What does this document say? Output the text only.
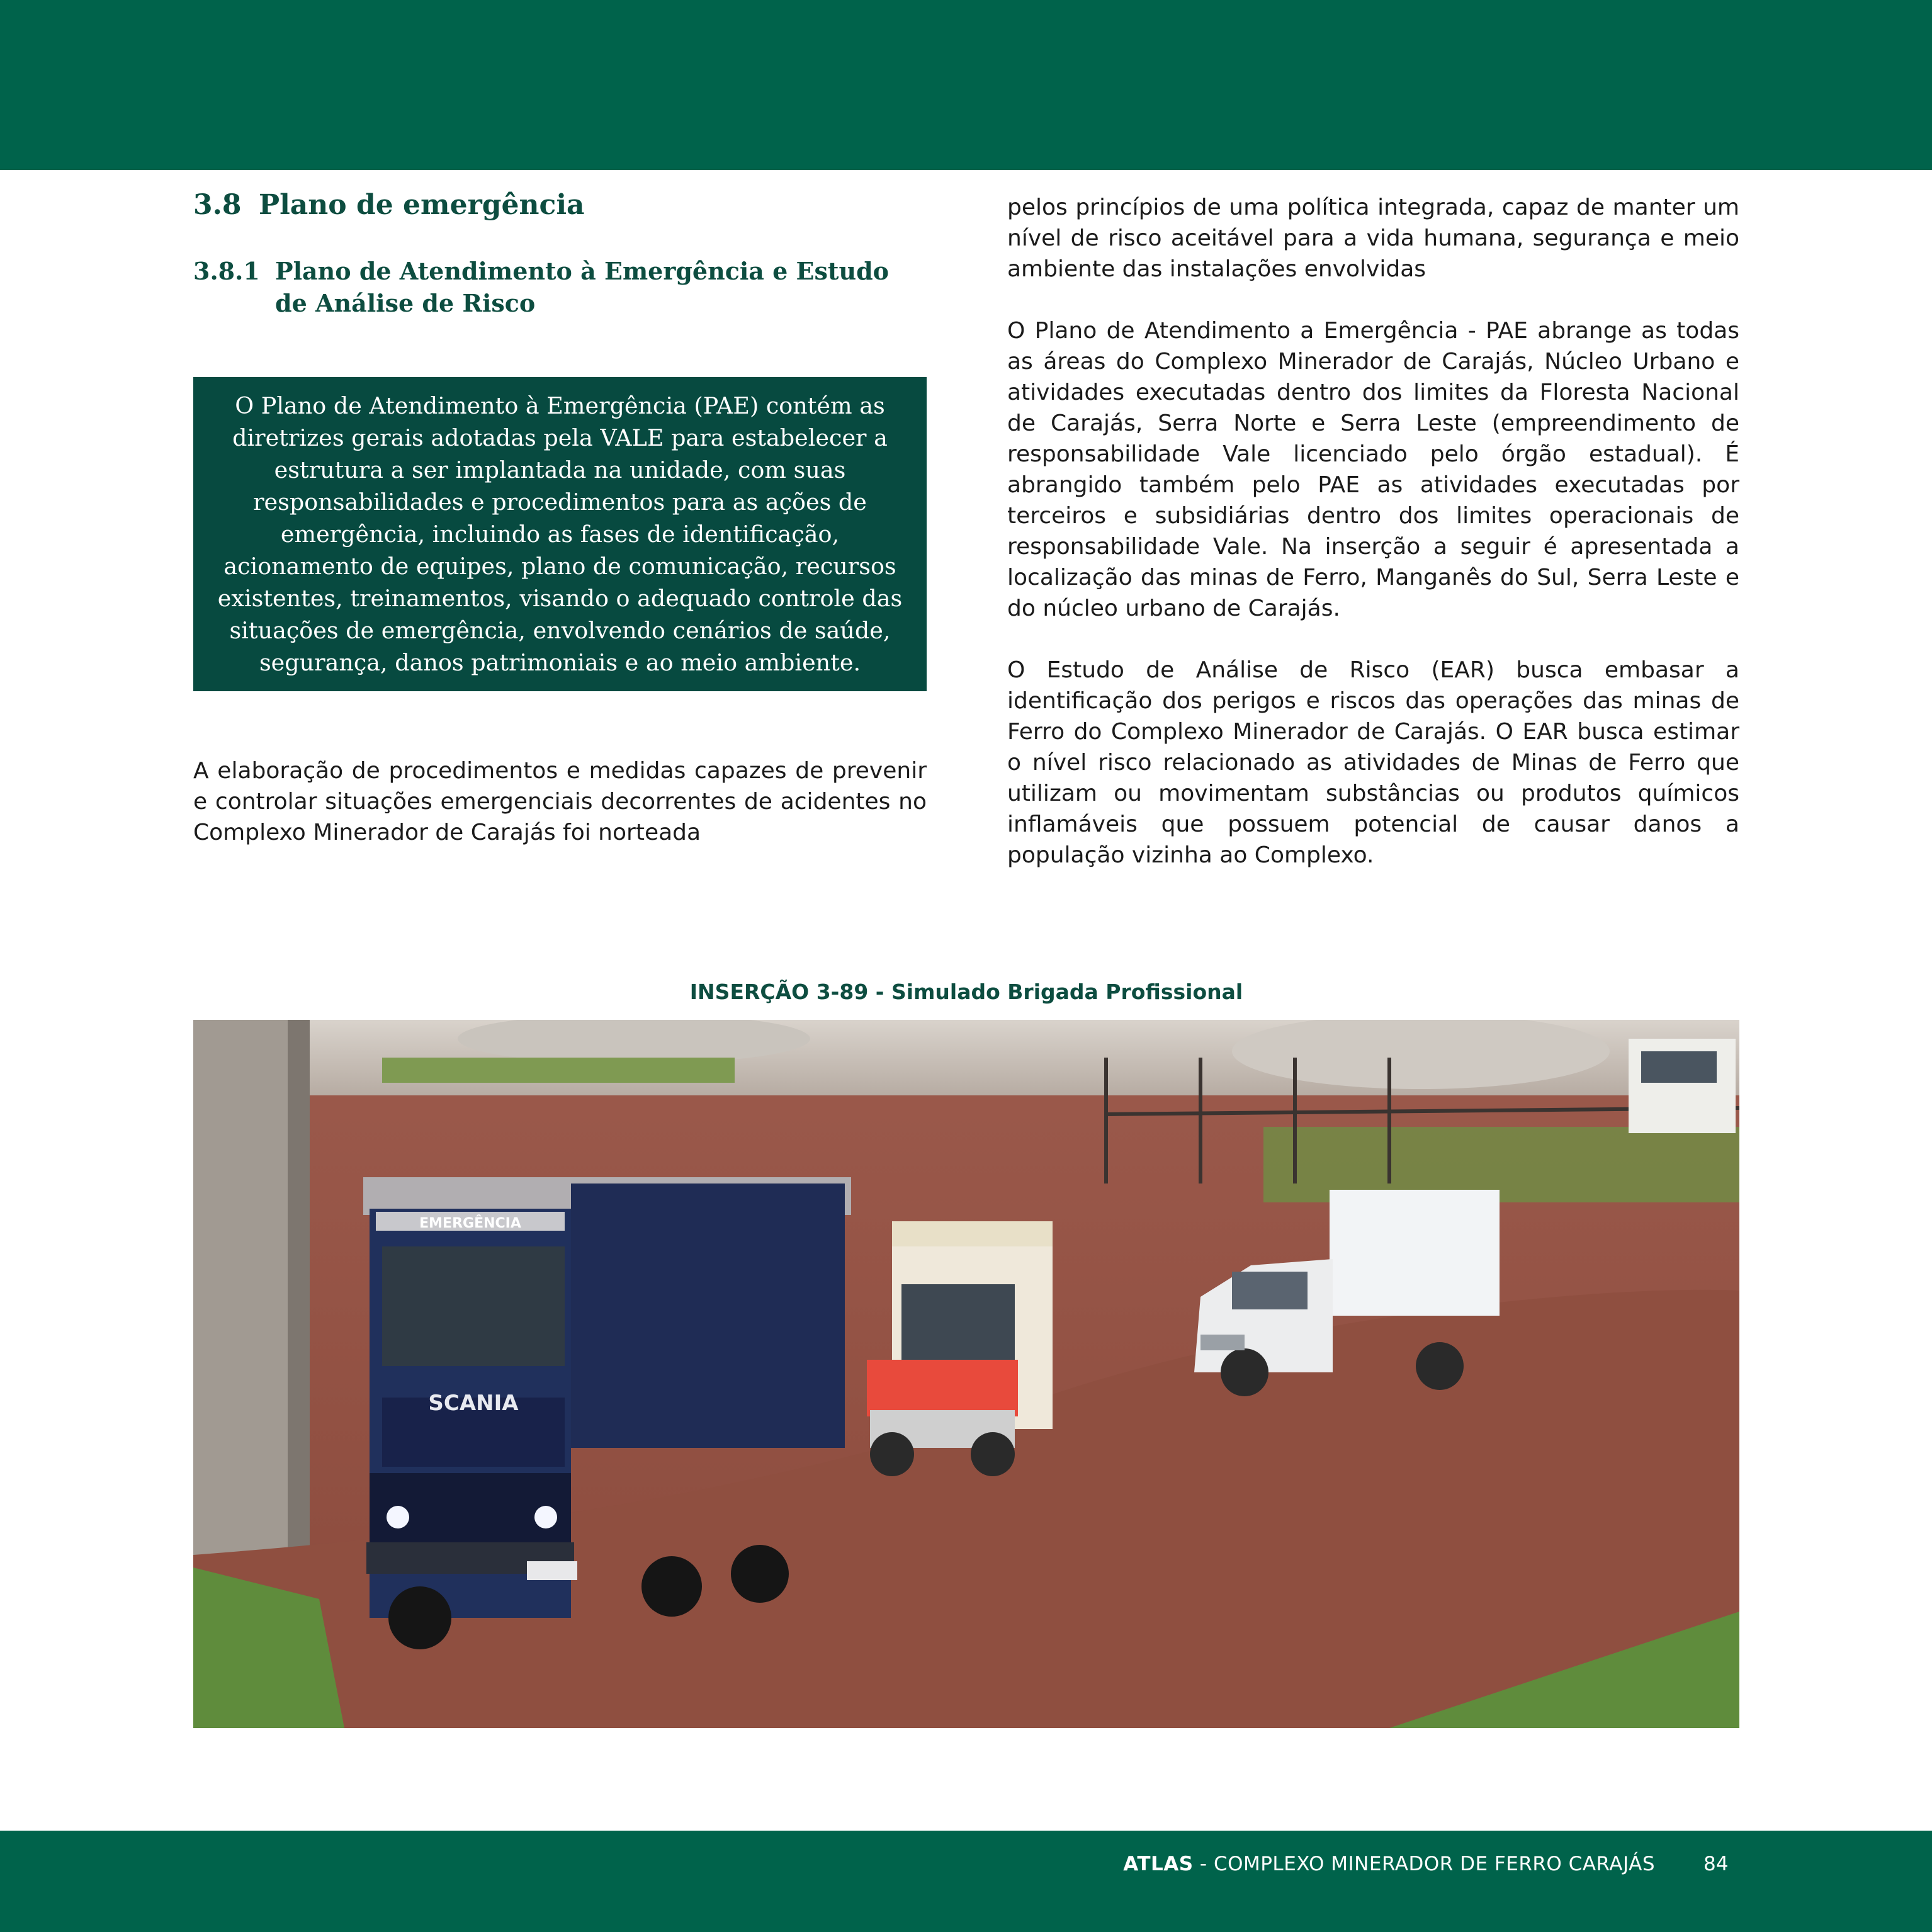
3.8 Plano de emergência
3.8.1 Plano de Atendimento à Emergência e Estudo de Análise de Risco
O Plano de Atendimento à Emergência (PAE) contém as diretrizes gerais adotadas pela VALE para estabelecer a estrutura a ser implantada na unidade, com suas responsabilidades e procedimentos para as ações de emergência, incluindo as fases de identificação, acionamento de equipes, plano de comunicação, recursos existentes, treinamentos, visando o adequado controle das situações de emergência, envolvendo cenários de saúde, segurança, danos patrimoniais e ao meio ambiente.

A elaboração de procedimentos e medidas capazes de prevenir e controlar situações emergenciais decorrentes de acidentes no Complexo Minerador de Carajás foi norteada

pelos princípios de uma política integrada, capaz de manter um nível de risco aceitável para a vida humana, segurança e meio ambiente das instalações envolvidas

O Plano de Atendimento a Emergência - PAE abrange as todas as áreas do Complexo Minerador de Carajás, Núcleo Urbano e atividades executadas dentro dos limites da Floresta Nacional de Carajás, Serra Norte e Serra Leste (empreendimento de responsabilidade Vale licenciado pelo órgão estadual). É abrangido também pelo PAE as atividades executadas por terceiros e subsidiárias dentro dos limites operacionais de responsabilidade Vale. Na inserção a seguir é apresentada a localização das minas de Ferro, Manganês do Sul, Serra Leste e do núcleo urbano de Carajás.

O Estudo de Análise de Risco (EAR) busca embasar a identificação dos perigos e riscos das operações das minas de Ferro do Complexo Minerador de Carajás. O EAR busca estimar o nível risco relacionado as atividades de Minas de Ferro que utilizam ou movimentam substâncias ou produtos químicos inflamáveis que possuem potencial de causar danos a população vizinha ao Complexo.

INSERÇÃO 3-89 - Simulado Brigada Profissional
SCANIA
EMERGÊNCIA
ATLAS - COMPLEXO MINERADOR DE FERRO CARAJÁS 84
